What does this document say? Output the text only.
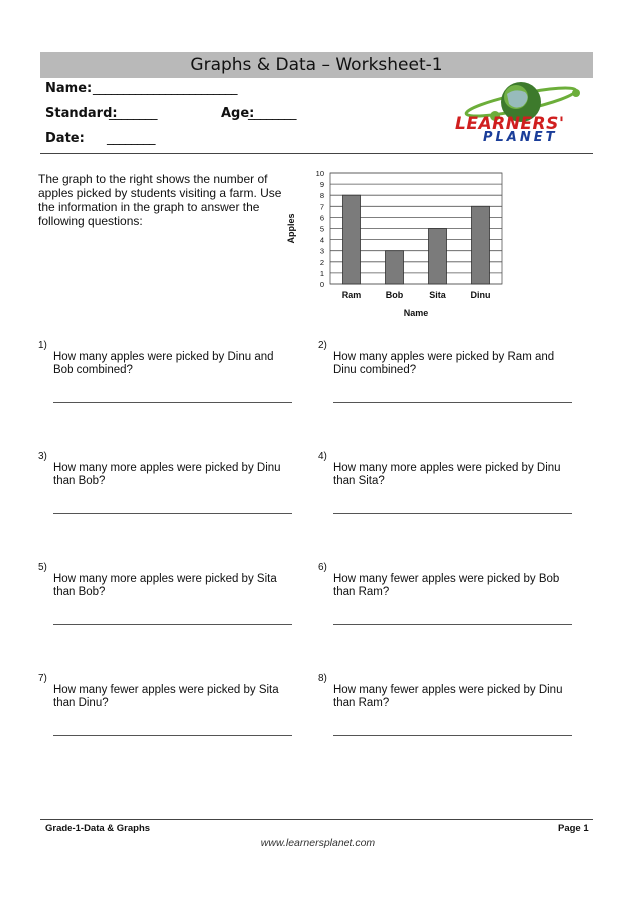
Graphs & Data – Worksheet-1
Name: ________________________
Standard:
________	Age:
________
Date: ________
LEARNERS'
PLANET
The graph to the right shows the number of apples picked by students visiting a farm. Use the information in the graph to answer the following questions:
0
1
2
3
4
5
6
7
8
9
10
Ram	Bob	Sita	Dinu
Name
Apples
1)
How many apples were picked by Dinu and Bob combined?
2)
How many apples were picked by Ram and Dinu combined?
3)
How many more apples were picked by Dinu than Bob?
4)
How many more apples were picked by Dinu than Sita?
5)
How many more apples were picked by Sita than Bob?
6)
How many fewer apples were picked by Bob than Ram?
7)
How many fewer apples were picked by Sita than Dinu?
8)
How many fewer apples were picked by Dinu than Ram?
Grade-1-Data & Graphs	Page 1
www.learnersplanet.com
